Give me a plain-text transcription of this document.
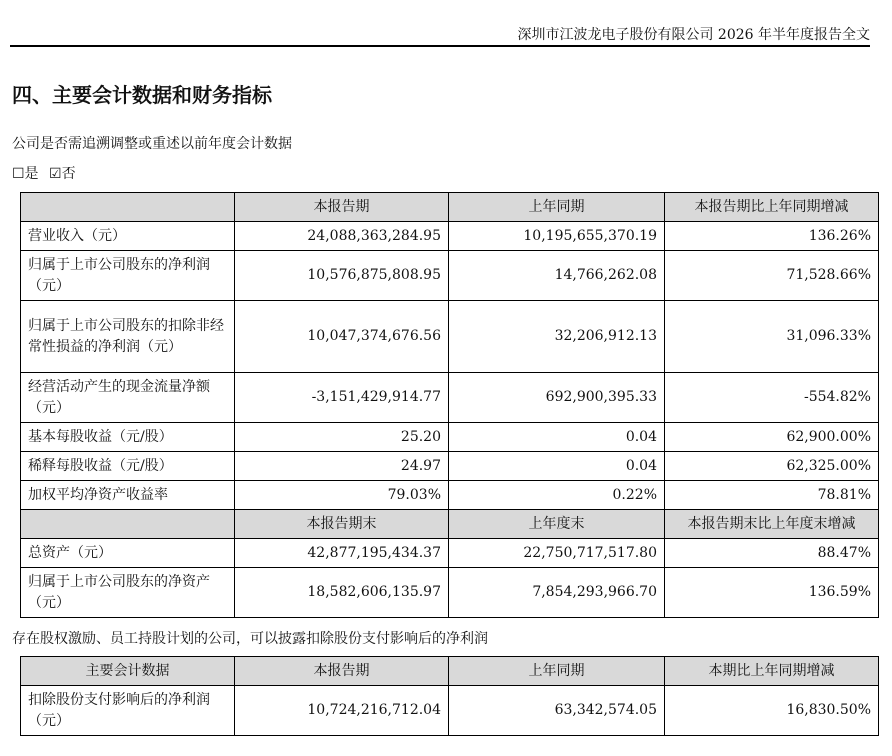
深圳市江波龙电子股份有限公司 2026 年半年度报告全文
四、主要会计数据和财务指标
公司是否需追溯调整或重述以前年度会计数据
☐是 ☑否
	本报告期	上年同期	本报告期比上年同期增减
营业收入（元）	24,088,363,284.95	10,195,655,370.19	136.26%
归属于上市公司股东的净利润（元）	10,576,875,808.95	14,766,262.08	71,528.66%
归属于上市公司股东的扣除非经常性损益的净利润（元）	10,047,374,676.56	32,206,912.13	31,096.33%
经营活动产生的现金流量净额（元）	-3,151,429,914.77	692,900,395.33	-554.82%
基本每股收益（元/股）	25.20	0.04	62,900.00%
稀释每股收益（元/股）	24.97	0.04	62,325.00%
加权平均净资产收益率	79.03%	0.22%	78.81%
	本报告期末	上年度末	本报告期末比上年度末增减
总资产（元）	42,877,195,434.37	22,750,717,517.80	88.47%
归属于上市公司股东的净资产（元）	18,582,606,135.97	7,854,293,966.70	136.59%
存在股权激励、员工持股计划的公司，可以披露扣除股份支付影响后的净利润
主要会计数据	本报告期	上年同期	本期比上年同期增减
扣除股份支付影响后的净利润（元）	10,724,216,712.04	63,342,574.05	16,830.50%
